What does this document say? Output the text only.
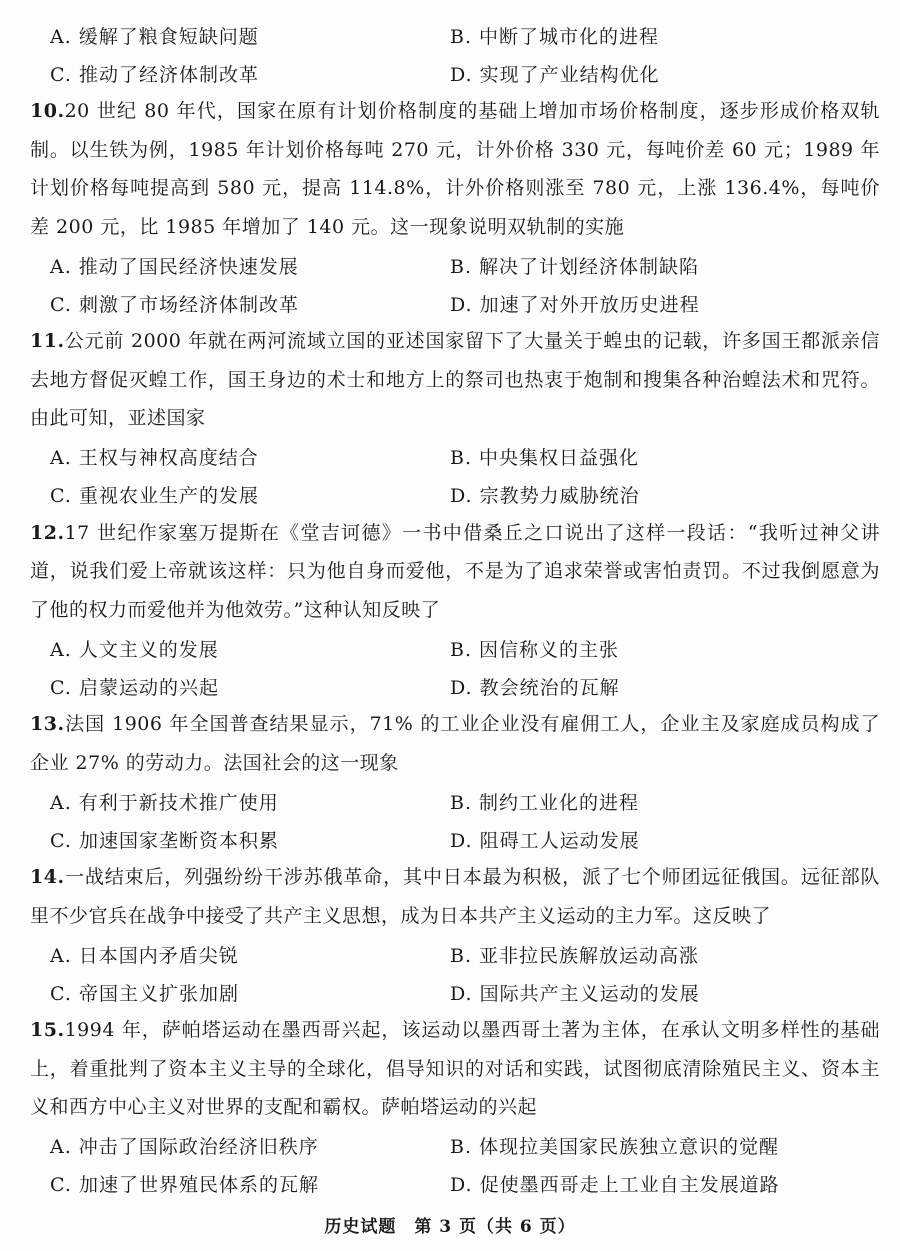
A. 缓解了粮食短缺问题	B. 中断了城市化的进程
C. 推动了经济体制改革	D. 实现了产业结构优化

10.20 世纪 80 年代，国家在原有计划价格制度的基础上增加市场价格制度，逐步形成价格双轨制。以生铁为例，1985 年计划价格每吨 270 元，计外价格 330 元，每吨价差 60 元；1989 年计划价格每吨提高到 580 元，提高 114.8%，计外价格则涨至 780 元，上涨 136.4%，每吨价差 200 元，比 1985 年增加了 140 元。这一现象说明双轨制的实施

A. 推动了国民经济快速发展	B. 解决了计划经济体制缺陷
C. 刺激了市场经济体制改革	D. 加速了对外开放历史进程

11.公元前 2000 年就在两河流域立国的亚述国家留下了大量关于蝗虫的记载，许多国王都派亲信去地方督促灭蝗工作，国王身边的术士和地方上的祭司也热衷于炮制和搜集各种治蝗法术和咒符。由此可知，亚述国家

A. 王权与神权高度结合	B. 中央集权日益强化
C. 重视农业生产的发展	D. 宗教势力威胁统治

12.17 世纪作家塞万提斯在《堂吉诃德》一书中借桑丘之口说出了这样一段话：“我听过神父讲道，说我们爱上帝就该这样：只为他自身而爱他，不是为了追求荣誉或害怕责罚。不过我倒愿意为了他的权力而爱他并为他效劳。”这种认知反映了

A. 人文主义的发展	B. 因信称义的主张
C. 启蒙运动的兴起	D. 教会统治的瓦解

13.法国 1906 年全国普查结果显示，71% 的工业企业没有雇佣工人，企业主及家庭成员构成了企业 27% 的劳动力。法国社会的这一现象

A. 有利于新技术推广使用	B. 制约工业化的进程
C. 加速国家垄断资本积累	D. 阻碍工人运动发展

14.一战结束后，列强纷纷干涉苏俄革命，其中日本最为积极，派了七个师团远征俄国。远征部队里不少官兵在战争中接受了共产主义思想，成为日本共产主义运动的主力军。这反映了

A. 日本国内矛盾尖锐	B. 亚非拉民族解放运动高涨
C. 帝国主义扩张加剧	D. 国际共产主义运动的发展

15.1994 年，萨帕塔运动在墨西哥兴起，该运动以墨西哥土著为主体，在承认文明多样性的基础上，着重批判了资本主义主导的全球化，倡导知识的对话和实践，试图彻底清除殖民主义、资本主义和西方中心主义对世界的支配和霸权。萨帕塔运动的兴起

A. 冲击了国际政治经济旧秩序	B. 体现拉美国家民族独立意识的觉醒
C. 加速了世界殖民体系的瓦解	D. 促使墨西哥走上工业自主发展道路
历史试题　第 3 页（共 6 页）
